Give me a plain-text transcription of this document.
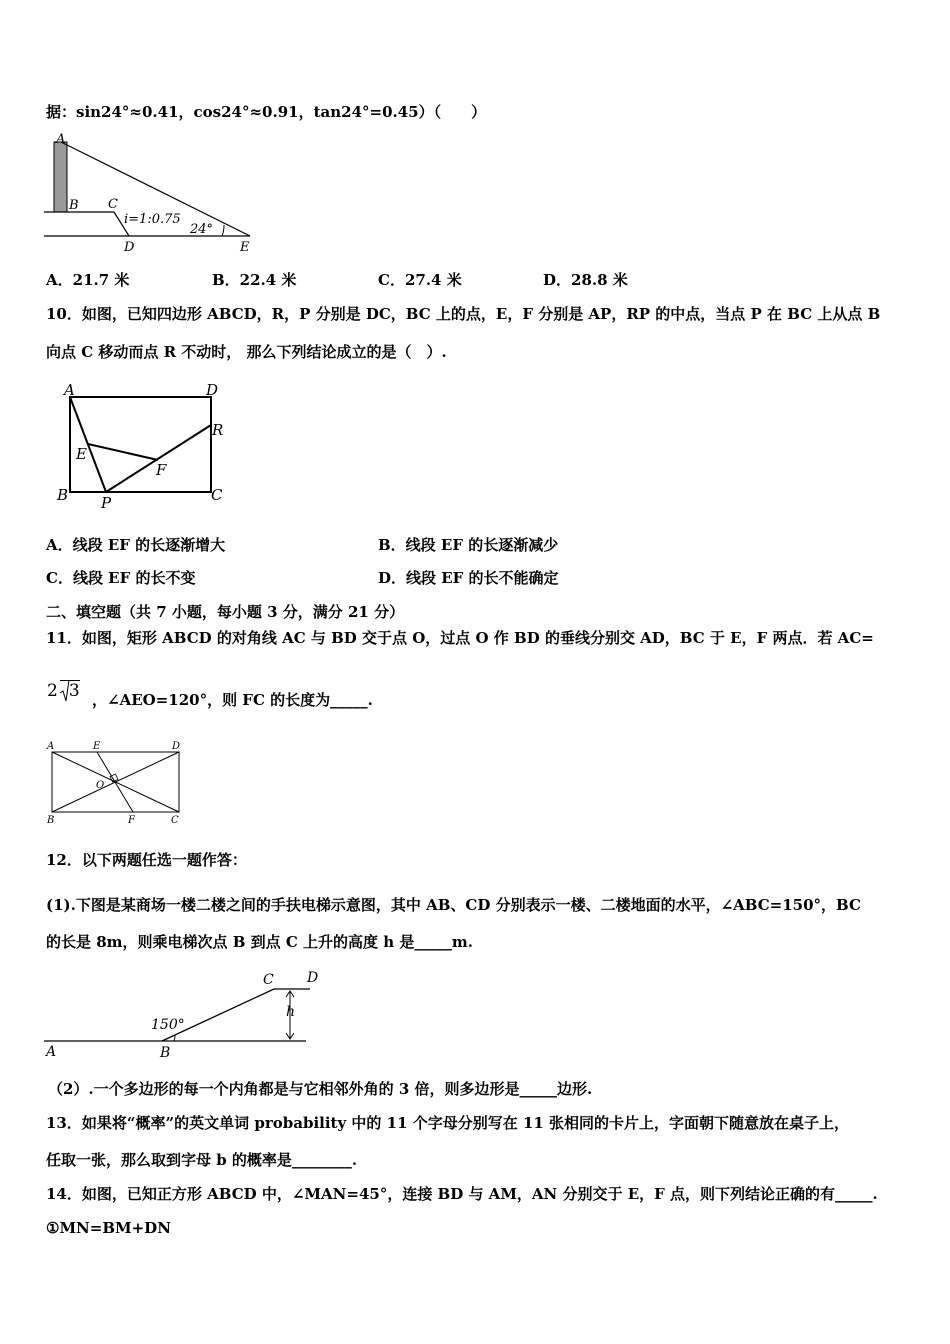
据：sin24°≈0.41，cos24°≈0.91，tan24°=0.45）（　　）
A
B C
D	E
i=1:0.75
24°
A．21.7 米	B．22.4 米	C．27.4 米	D．28.8 米
10．如图，已知四边形 ABCD，R，P 分别是 DC，BC 上的点，E，F 分别是 AP，RP 的中点，当点 P 在 BC 上从点 B
向点 C 移动而点 R 不动时， 那么下列结论成立的是（　）.
A	D
R
E
F
B P	C
A．线段 EF 的长逐渐增大	B．线段 EF 的长逐渐减少
C．线段 EF 的长不变	D．线段 EF 的长不能确定
二、填空题（共 7 小题，每小题 3 分，满分 21 分）
11．如图，矩形 ABCD 的对角线 AC 与 BD 交于点 O，过点 O 作 BD 的垂线分别交 AD，BC 于 E，F 两点．若 AC=
2 3 ，∠AEO=120°，则 FC 的长度为_____.
A	E	D
O
B	F	C
12．以下两题任选一题作答：
(1).下图是某商场一楼二楼之间的手扶电梯示意图，其中 AB、CD 分别表示一楼、二楼地面的水平，∠ABC=150°，BC
的长是 8m，则乘电梯次点 B 到点 C 上升的高度 h 是_____m.
A	B
C D
h
150°
（2）.一个多边形的每一个内角都是与它相邻外角的 3 倍，则多边形是_____边形.
13．如果将“概率”的英文单词 probability 中的 11 个字母分别写在 11 张相同的卡片上，字面朝下随意放在桌子上，
任取一张，那么取到字母 b 的概率是________.
14．如图，已知正方形 ABCD 中，∠MAN=45°，连接 BD 与 AM，AN 分别交于 E，F 点，则下列结论正确的有_____.
①MN=BM+DN
